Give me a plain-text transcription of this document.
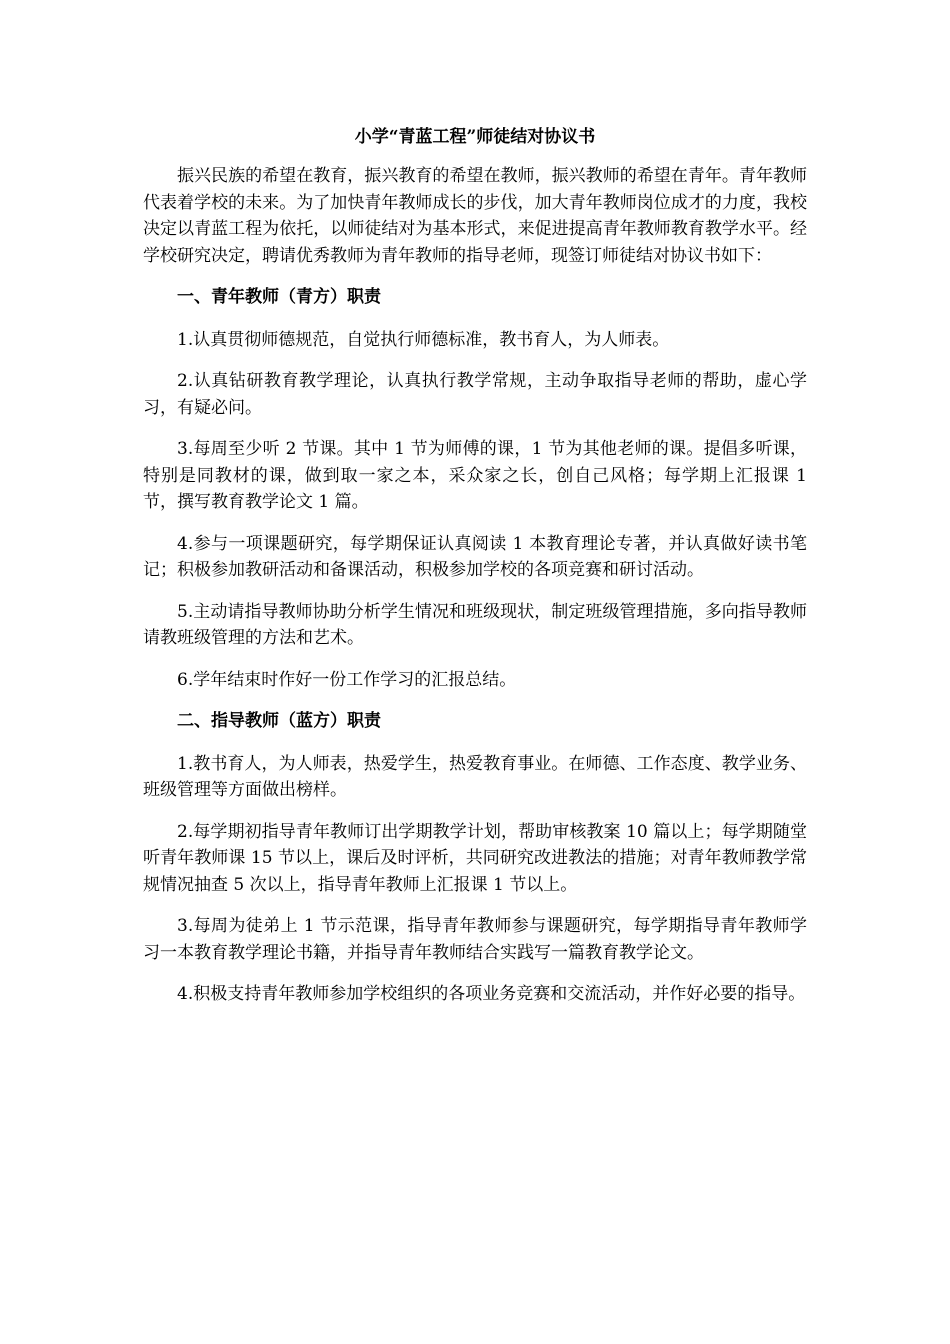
小学“青蓝工程”师徒结对协议书

振兴民族的希望在教育，振兴教育的希望在教师，振兴教师的希望在青年。青年教师代表着学校的未来。为了加快青年教师成长的步伐，加大青年教师岗位成才的力度，我校决定以青蓝工程为依托，以师徒结对为基本形式，来促进提高青年教师教育教学水平。经学校研究决定，聘请优秀教师为青年教师的指导老师，现签订师徒结对协议书如下：

一、青年教师（青方）职责

1.认真贯彻师德规范，自觉执行师德标准，教书育人，为人师表。

2.认真钻研教育教学理论，认真执行教学常规，主动争取指导老师的帮助，虚心学习，有疑必问。

3.每周至少听 2 节课。其中 1 节为师傅的课，1 节为其他老师的课。提倡多听课，特别是同教材的课，做到取一家之本，采众家之长，创自己风格；每学期上汇报课 1 节，撰写教育教学论文 1 篇。

4.参与一项课题研究，每学期保证认真阅读 1 本教育理论专著，并认真做好读书笔记；积极参加教研活动和备课活动，积极参加学校的各项竞赛和研讨活动。

5.主动请指导教师协助分析学生情况和班级现状，制定班级管理措施，多向指导教师请教班级管理的方法和艺术。

6.学年结束时作好一份工作学习的汇报总结。

二、指导教师（蓝方）职责

1.教书育人，为人师表，热爱学生，热爱教育事业。在师德、工作态度、教学业务、班级管理等方面做出榜样。

2.每学期初指导青年教师订出学期教学计划，帮助审核教案 10 篇以上；每学期随堂听青年教师课 15 节以上，课后及时评析，共同研究改进教法的措施；对青年教师教学常规情况抽查 5 次以上，指导青年教师上汇报课 1 节以上。

3.每周为徒弟上 1 节示范课，指导青年教师参与课题研究，每学期指导青年教师学习一本教育教学理论书籍，并指导青年教师结合实践写一篇教育教学论文。

4.积极支持青年教师参加学校组织的各项业务竞赛和交流活动，并作好必要的指导。
